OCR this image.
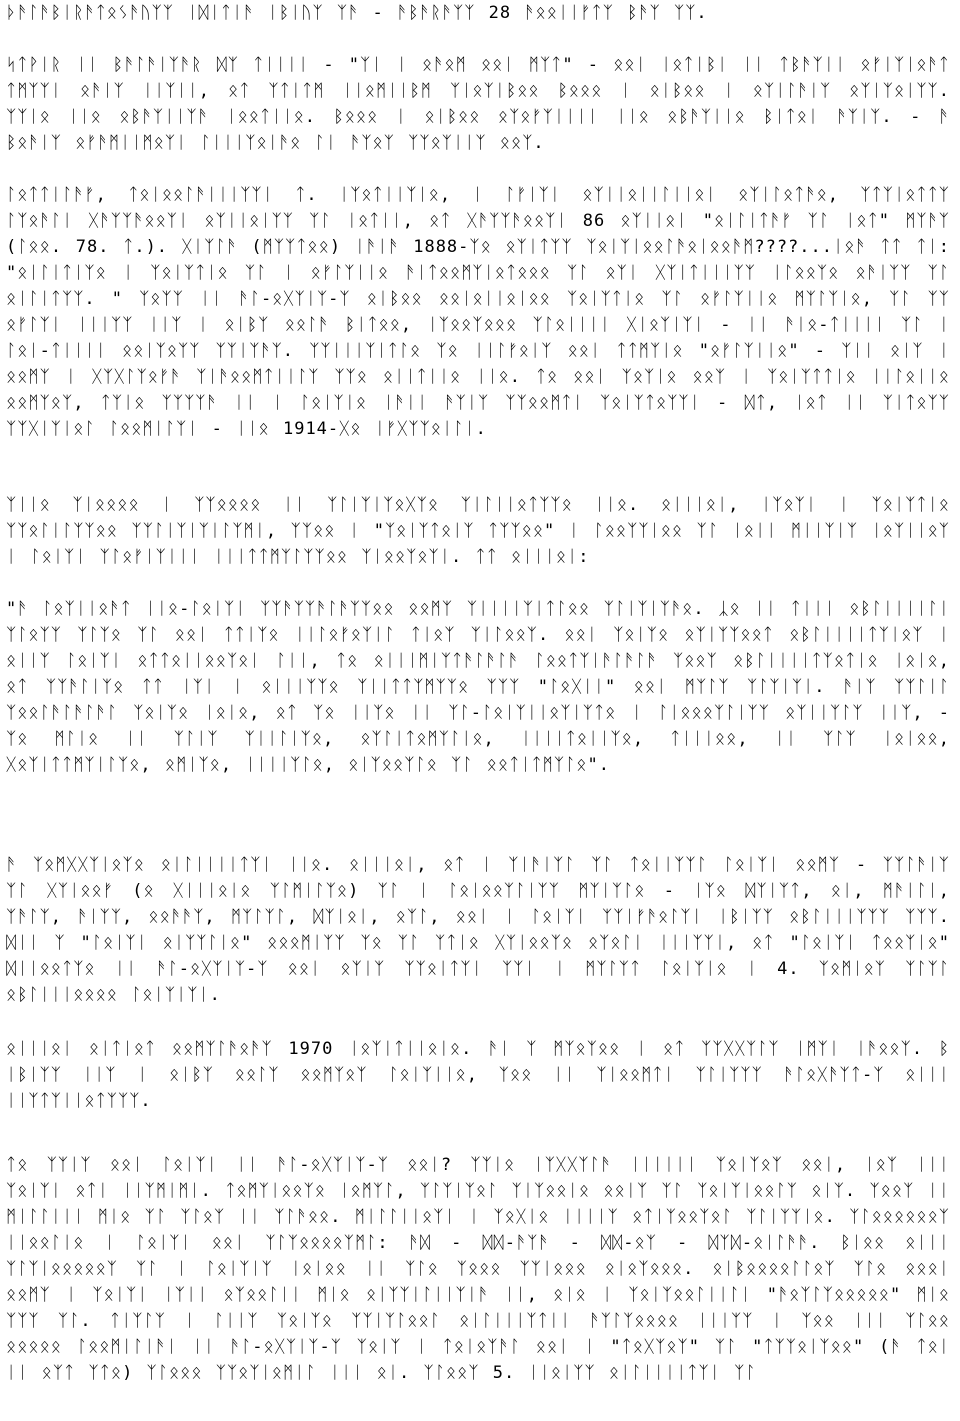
ᚦᚫᛚᚫᛒᛁᚱᚫᛏᛟᛊᚫᚢᛉᛉ ᛁᛞᛁᛏᛁᚫ ᛁᛒᛁᚢᛉ ᛉᚫ - ᚫᛒᚫᚱᚫᛉᛉ 28 ᚫᛟᛟᛁᛁᚠᛏᛉ ᛒᚫᛉ ᛉᛉ.

ᛋᛏᚹᛁᚱ ᛁᛁ ᛒᚫᛚᚫᛁᛉᚫᚱ ᛞᛉ ᛏᛁᛁᛁᛁ - "ᛉᛁ ᛁ ᛟᚫᛟᛗ ᛟᛟᛁ ᛗᛉᛏ" - ᛟᛟᛁ ᛁᛟᛏᛁᛒᛁ ᛁᛁ ᛏᛒᚫᛉᛁᛁ ᛟᚠᛁᛉᛁᛟᚫᛏ ᛏᛗᛉᛉᛁ ᛟᚫᛁᛉ ᛁᛁᛉᛁᛁ, ᛟᛏ ᛉᛏᛁᛏᛗ ᛁᛁᛟᛗᛁᛁᛒᛗ ᛉᛁᛟᛉᛁᛒᛟᛟ ᛒᛟᛟᛟ ᛁ ᛟᛁᛒᛟᛟ ᛁ ᛟᛉᛁᛚᚫᛁᛉ ᛟᛉᛁᛉᛟᛁᛉᛉ. ᛉᛉᛁᛟ ᛁᛁᛟ ᛟᛒᚫᛉᛁᛁᛉᚫ ᛁᛟᛟᛏᛁᛁᛟ. ᛒᛟᛟᛟ ᛁ ᛟᛁᛒᛟᛟ ᛟᛉᛟᚠᛉᛁᛁᛁᛁ ᛁᛁᛟ ᛟᛒᚫᛉᛁᛁᛟ ᛒᛁᛏᛟᛁ ᚫᛉᛁᛉ. - ᚫ ᛒᛟᚫᛁᛉ ᛟᚠᚫᛗᛁᛁᛗᛟᛉᛁ ᛚᛁᛁᛁᛉᛟᛁᚫᛟ ᛚᛁ ᚫᛉᛟᛉ ᛉᛉᛟᛉᛁᛁᛉ ᛟᛟᛉ.

ᛚᛟᛏᛏᛁᛚᚫᚠ, ᛏᛟᛁᛟᛟᛚᚫᛁᛁᛁᛉᛉᛁ ᛏ. ᛁᛉᛟᛏᛁᛁᛉᛁᛟ, ᛁ ᛚᚠᛁᛉᛁ ᛟᛉᛁᛁᛟᛁᛁᛚᛁᛁᛟᛁ ᛟᛉᛁᛚᛟᛏᚫᛟ, ᛉᛏᛉᛁᛟᛏᛏᛉ ᛚᛉᛟᚫᛚᛁ ᚷᚫᛉᛉᚫᛟᛟᛉᛁ ᛟᛉᛁᛁᛟᛁᛉᛉ ᛉᛚ ᛁᛟᛏᛁᛁ, ᛟᛏ ᚷᚫᛉᛉᚫᛟᛟᛉᛁ 86 ᛟᛉᛁᛁᛟᛁ "ᛟᛁᛚᛁᛏᚫᚠ ᛉᛚ ᛁᛟᛏ" ᛗᛉᚫᛉ (ᛚᛟᛟ. 78. ᛏ.). ᚷᛁᛉᛚᚫ (ᛗᛉᛉᛏᛟᛟ) ᛁᚫᛁᚫ 1888-ᛉᛟ ᛟᛉᛁᛏᛉᛉ ᛉᛟᛁᛉᛁᛟᛟᛚᚫᛟᛁᛟᛟᚫᛗ????...ᛁᛟᚫ ᛏᛏ ᛏᛁ: "ᛟᛁᛚᛁᛏᛁᛉᛟ ᛁ ᛉᛟᛁᛉᛏᛁᛟ ᛉᛚ ᛁ ᛟᚠᛚᛉᛁᛁᛟ ᚫᛁᛏᛟᛟᛗᛉᛁᛟᛏᛟᛟᛟ ᛉᛚ ᛟᛉᛁ ᚷᛉᛁᛏᛁᛁᛁᛉᛉ ᛁᛚᛟᛟᛉᛟ ᛟᚫᛁᛉᛉ ᛉᛚ ᛟᛁᛚᛁᛏᛉᛉ. " ᛉᛟᛉᛉ ᛁᛁ ᚫᛚ-ᛟᚷᛉᛁᛉ-ᛉ ᛟᛁᛒᛟᛟ ᛟᛟᛁᛟᛁᛁᛟᛁᛟᛟ ᛉᛟᛁᛉᛏᛁᛟ ᛉᛚ ᛟᚠᛚᛉᛁᛁᛟ ᛗᛉᛚᛉᛁᛟ, ᛉᛚ ᛉᛉ ᛟᚠᛚᛉᛁ ᛁᛁᛁᛉᛉ ᛁᛁᛉ ᛁ ᛟᛁᛒᛉ ᛟᛟᛚᚫ ᛒᛁᛏᛟᛟ, ᛁᛉᛟᛟᛉᛟᛟᛟ ᛉᛚᛟᛁᛁᛁᛁ ᚷᛁᛟᛉᛁᛉᛁ - ᛁᛁ ᚫᛁᛟ-ᛏᛁᛁᛁᛁ ᛉᛚ ᛁ ᛚᛟᛁ-ᛏᛁᛁᛁᛁ ᛟᛟᛁᛉᛟᛉᛉ ᛉᛉᛁᛉᚫᛉ. ᛉᛉᛁᛁᛁᛉᛁᛏᛚᛟ ᛉᛟ ᛁᛁᛚᚠᛟᛁᛉ ᛟᛟᛁ ᛏᛏᛗᛉᛁᛟ "ᛟᚠᛚᛉᛁᛁᛟ" - ᛉᛁᛁ ᛟᛁᛉ ᛁ ᛟᛟᛗᛉ ᛁ ᚷᛉᚷᛚᛉᛟᚠᚫ ᛉᛁᚫᛟᛟᛗᛏᛁᛁᛚᛉ ᛉᛉᛟ ᛟᛁᛁᛏᛁᛁᛟ ᛁᛁᛟ. ᛏᛟ ᛟᛟᛁ ᛉᛟᛉᛁᛟ ᛟᛟᛉ ᛁ ᛉᛟᛁᛉᛏᛏᛁᛟ ᛁᛁᛚᛟᛁᛁᛟ ᛟᛟᛗᛉᛟᛉ, ᛏᛉᛁᛟ ᛉᛉᛉᛉᚫ ᛁᛁ ᛁ ᛚᛟᛁᛉᛁᛟ ᛁᚫᛁᛁ ᚫᛉᛁᛉ ᛉᛉᛟᛟᛗᛏᛁ ᛉᛟᛁᛉᛏᛟᛉᛉᛁ - ᛞᛏ, ᛁᛟᛏ ᛁᛁ ᛉᛁᛏᛟᛉᛉ ᛉᛉᚷᛁᛉᛁᛟᛚ ᛚᛟᛟᛗᛁᛚᛉᛁ - ᛁᛁᛟ 1914-ᚷᛟ ᛁᚠᚷᛉᛉᛟᛁᛚᛁ.

ᛉᛁᛁᛟ ᛉᛁᛟᛟᛟᛟ ᛁ ᛉᛉᛟᛟᛟᛟ ᛁᛁ ᛉᛚᛁᛉᛁᛉᛟᚷᛉᛟ ᛉᛁᛚᛁᛁᛟᛏᛉᛉᛟ ᛁᛁᛟ. ᛟᛁᛁᛁᛟᛁ, ᛁᛉᛟᛉᛁ ᛁ ᛉᛟᛁᛉᛏᛁᛟ ᛉᛉᛟᛚᛁᛚᛉᛉᛟᛟ ᛉᛉᛚᛁᛉᛁᛉᛁᛚᛉᛗᛁ, ᛉᛉᛟᛟ ᛁ "ᛉᛟᛁᛉᛏᛟᛁᛉ ᛏᛉᛉᛟᛟ" ᛁ ᛚᛟᛟᛉᛉᛁᛟᛟ ᛉᛚ ᛁᛟᛁᛁ ᛗᛁᛁᛉᛁᛉ ᛁᛟᛉᛁᛁᛟᛉ ᛁ ᛚᛟᛁᛉᛁ ᛉᛚᛟᚠᛁᛉᛁᛁᛁ ᛁᛁᛁᛏᛏᛗᛉᛚᛉᛉᛟᛟ ᛉᛁᛟᛟᛉᛟᛉᛁ. ᛏᛏ ᛟᛁᛁᛁᛟᛁ:

"ᚫ ᛚᛟᛉᛁᛁᛟᚫᛏ ᛁᛁᛟ-ᛚᛟᛁᛉᛁ ᛉᛉᚫᛉᛉᚫᛚᚫᛉᛉᛟᛟ ᛟᛟᛗᛉ ᛉᛁᛁᛁᛁᛉᛁᛏᛚᛟᛟ ᛉᛚᛁᛉᛁᛉᚫᛟ. ᛣᛟ ᛁᛁ ᛏᛁᛁᛁ ᛟᛒᛚᛁᛁᛁᛁᛚᛁ ᛉᛚᛟᛉᛉ ᛉᛚᛉᛟ ᛉᛚ ᛟᛟᛁ ᛏᛏᛁᛉᛟ ᛁᛁᛚᛟᚠᛟᛉᛁᛚ ᛏᛁᛟᛉ ᛉᛁᛚᛟᛟᛉ. ᛟᛟᛁ ᛉᛟᛁᛉᛟ ᛟᛉᛁᛉᛉᛟᛟᛏ ᛟᛒᛚᛁᛁᛁᛁᛏᛉᛁᛟᛉ ᛁ ᛟᛁᛁᛉ ᛚᛟᛁᛉᛁ ᛟᛏᛏᛟᛁᛁᛟᛟᛉᛟᛁ ᛚᛁᛁ, ᛏᛟ ᛟᛁᛁᛁᛗᛁᛉᛏᚫᛚᚫᛚᚫ ᛚᛟᛟᛏᛉᛁᚫᛚᚫᛚᚫ ᛉᛟᛟᛉ ᛟᛒᛚᛁᛁᛁᛁᛏᛉᛟᛏᛁᛟ ᛁᛟᛁᛟ, ᛟᛏ ᛉᛉᚫᛚᛁᛉᛟ ᛏᛏ ᛁᛉᛁ ᛁ ᛟᛁᛁᛁᛉᛉᛟ ᛉᛁᛁᛏᛏᛉᛗᛉᛉᛟ ᛉᛉᛉ "ᛚᛟᚷᛁᛁ" ᛟᛟᛁ ᛗᛉᛚᛉ ᛉᛚᛉᛁᛉᛁ. ᚫᛁᛉ ᛉᛉᛚᛁᛚ ᛉᛟᛟᛚᚫᛚᚫᛚᚫᛚ ᛉᛟᛁᛉᛟ ᛁᛟᛁᛟ, ᛟᛏ ᛉᛟ ᛁᛁᛉᛟ ᛁᛁ ᛉᛚ-ᛚᛟᛁᛉᛁᛁᛟᛉᛁᛉᛏᛟ ᛁ ᛚᛁᛟᛟᛟᛉᛚᛁᛉᛉ ᛟᛉᛁᛁᛉᛚᛉ ᛁᛁᛉ, - ᛉᛟ ᛗᛚᛁᛟ ᛁᛁ ᛉᛚᛁᛉ ᛉᛁᛁᛚᛁᛉᛟ, ᛟᛉᛚᛁᛏᛟᛗᛉᛚᛁᛟ, ᛁᛁᛁᛁᛏᛟᛁᛁᛉᛟ, ᛏᛁᛁᛁᛟᛟ, ᛁᛁ ᛉᛚᛉ ᛁᛟᛁᛟᛟ, ᚷᛟᛉᛁᛏᛏᛗᛉᛁᛚᛉᛟ, ᛟᛗᛁᛉᛟ, ᛁᛁᛁᛁᛉᛚᛟ, ᛟᛁᛉᛟᛟᛉᛚᛟ ᛉᛚ ᛟᛟᛏᛁᛏᛗᛉᛚᛟ".

ᚫ ᛉᛟᛗᚷᚷᛉᛁᛟᛉᛟ ᛟᛁᛚᛁᛁᛁᛁᛏᛉᛁ ᛁᛁᛟ. ᛟᛁᛁᛁᛟᛁ, ᛟᛏ ᛁ ᛉᛁᚫᛁᛉᛚ ᛉᛚ ᛏᛟᛁᛁᛉᛉᛚ ᛚᛟᛁᛉᛁ ᛟᛟᛗᛉ - ᛉᛉᛚᚫᛁᛉ ᛉᛚ ᚷᛉᛁᛟᛟᚠ (ᛟ ᚷᛁᛁᛁᛟᛁᛟ ᛉᛚᛗᛁᛚᛉᛟ) ᛉᛚ ᛁ ᛚᛟᛁᛟᛟᛉᛚᛁᛉᛉ ᛗᛉᛁᛉᛚᛟ - ᛁᛉᛟ ᛞᛉᛁᛉᛏ, ᛟᛁ, ᛗᚫᛁᛚᛁ, ᛉᚫᛚᛉ, ᚫᛁᛉᛉ, ᛟᛟᚫᚫᛉ, ᛗᛉᛚᛉᛚ, ᛞᛉᛁᛟᛁ, ᛟᛉᛚ, ᛟᛟᛁ ᛁ ᛚᛟᛁᛉᛁ ᛉᛉᛁᚠᚫᛟᛚᛉᛁ ᛁᛒᛁᛉᛉ ᛟᛒᛚᛁᛁᛁᛉᛉᛉ ᛉᛉᛉ. ᛞᛁᛁ ᛉ "ᛚᛟᛁᛉᛁ ᛟᛁᛉᛉᛚᛁᛟ" ᛟᛟᛟᛗᛁᛉᛉ ᛉᛟ ᛉᛚ ᛉᛏᛁᛟ ᚷᛉᛁᛟᛟᛉᛟ ᛟᛉᛟᛚᛁ ᛁᛁᛁᛉᛉᛁ, ᛟᛏ "ᛚᛟᛁᛉᛁ ᛏᛟᛟᛉᛁᛟ" ᛞᛁᛁᛟᛟᛏᛉᛟ ᛁᛁ ᚫᛚ-ᛟᚷᛉᛁᛉ-ᛉ ᛟᛟᛁ ᛟᛉᛁᛉ ᛉᛉᛟᛁᛏᛉᛁ ᛉᛉᛁ ᛁ ᛗᛉᛚᛉᛏ ᛚᛟᛁᛉᛁᛟ ᛁ 4. ᛉᛟᛗᛁᛟᛉ ᛉᛚᛉᛚ ᛟᛒᛚᛁᛁᛁᛟᛟᛟᛟ ᛚᛟᛁᛉᛁᛉᛁ.

ᛟᛁᛁᛁᛟᛁ ᛟᛁᛏᛁᛟᛏ ᛟᛟᛗᛉᛚᚫᛟᚫᛉ 1970 ᛁᛟᛉᛁᛏᛁᛁᛟᛁᛟ. ᚫᛁ ᛉ ᛗᛉᛟᛉᛟᛟ ᛁ ᛟᛏ ᛉᛉᚷᚷᛉᛚᛉ ᛁᛗᛉᛁ ᛁᚫᛟᛟᛉ. ᛒ ᛁᛒᛁᛉᛉ ᛁᛁᛉ ᛁ ᛟᛁᛒᛉ ᛟᛟᛚᛉ ᛟᛟᛗᛉᛟᛉ ᛚᛟᛁᛉᛁᛁᛟ, ᛉᛟᛟ ᛁᛁ ᛉᛁᛟᛟᛗᛏᛁ ᛉᛚᛁᛉᛉᛉ ᚫᛚᛟᚷᚫᛉᛏ-ᛉ ᛟᛁᛁᛁ ᛁᛁᛉᛏᛉᛁᛁᛟᛏᛉᛉᛉ.

ᛏᛟ ᛉᛉᛁᛉ ᛟᛟᛁ ᛚᛟᛁᛉᛁ ᛁᛁ ᚫᛚ-ᛟᚷᛉᛁᛉ-ᛉ ᛟᛟᛁ? ᛉᛉᛁᛟ ᛁᛉᚷᚷᛉᛚᚫ ᛁᛁᛁᛁᛁᛁ ᛉᛟᛁᛉᛟᛉ ᛟᛟᛁ, ᛁᛟᛉ ᛁᛁᛁ ᛉᛟᛁᛉᛁ ᛟᛏᛁ ᛁᛁᛉᛗᛁᛗᛁ. ᛏᛟᛗᛉᛁᛟᛟᛉᛟ ᛁᛟᛗᛉᛚ, ᛉᛚᛉᛁᛉᛟᛚ ᛉᛁᛉᛟᛟᛁᛟ ᛟᛟᛁᛉ ᛉᛚ ᛉᛟᛁᛉᛁᛟᛟᛚᛉ ᛟᛁᛉ. ᛉᛟᛟᛉ ᛁᛁ ᛗᛁᛚᛚᛁᛁᛁ ᛗᛁᛟ ᛉᛚ ᛉᛚᛟᛉ ᛁᛁ ᛉᛚᚫᛟᛟ. ᛗᛁᛚᛚᛁᛁᛟᛉᛁ ᛁ ᛉᛟᚷᛁᛟ ᛁᛁᛁᛁᛉ ᛟᛏᛁᛉᛟᛟᛉᛟᛚ ᛉᛚᛁᛉᛉᛁᛟ. ᛉᛚᛟᛟᛟᛟᛟᛟᛉ ᛁᛁᛟᛟᛚᛁᛟ ᛁ ᛚᛟᛁᛉᛁ ᛟᛟᛁ ᛉᛚᛉᛟᛟᛟᛟᛉᛗᛚ: ᚫᛞ - ᛞᛞ-ᚫᛉᚫ - ᛞᛞ-ᛟᛉ - ᛞᛉᛞ-ᛟᛁᛚᚫᚫ. ᛒᛁᛟᛟ ᛟᛁᛁᛁ ᛉᛚᛉᛁᛟᛟᛟᛟᛟᛉ ᛉᛚ ᛁ ᛚᛟᛁᛉᛁᛉ ᛁᛟᛁᛟᛟ ᛁᛁ ᛉᛚᛟ ᛉᛟᛟᛟ ᛉᛉᛁᛟᛟᛟ ᛟᛁᛟᛉᛟᛟᛟ. ᛟᛁᛒᛟᛟᛟᛟᛚᛚᛟᛉ ᛉᛚᛟ ᛟᛟᛟᛁ ᛟᛟᛗᛉ ᛁ ᛉᛟᛁᛉᛁ ᛁᛉᛁᛁ ᛟᛉᛟᛟᛚᛁᛁ ᛗᛁᛟ ᛟᛁᛉᛉᛁᛚᛁᛁᛉᛁᚫ ᛁᛁ, ᛟᛁᛟ ᛁ ᛉᛟᛁᛉᛟᛟᛚᛁᛁᛚᛁ "ᚫᛟᛉᛚᛉᛟᛟᛟᛟᛟ" ᛗᛁᛟ ᛉᛉᛉ ᛉᛚ. ᛏᛁᛉᛚᛉ ᛁ ᛚᛁᛁᛉ ᛉᛟᛁᛉᛟ ᛉᛉᛁᛉᛚᛟᛟᛚ ᛟᛁᛚᛁᛁᛁᛉᛏᛁᛁ ᚫᛉᛚᛉᛟᛟᛟᛟ ᛁᛁᛁᛉᛉ ᛁ ᛉᛟᛟ ᛁᛁᛁ ᛉᛚᛟᛟ ᛟᛟᛟᛟᛟ ᛚᛟᛟᛗᛁᛚᛁᚫᛁ ᛁᛁ ᚫᛚ-ᛟᚷᛉᛁᛉ-ᛉ ᛉᛟᛁᛉ ᛁ ᛏᛟᛁᛟᛉᚫᛚ ᛟᛟᛁ ᛁ "ᛏᛟᚷᛉᛟᛉ" ᛉᛚ "ᛏᛉᛉᛟᛁᛉᛟᛟ" (ᚫ ᛏᛟᛁ ᛁᛁ ᛟᛉᛏ ᛉᛏᛟ) ᛉᛚᛟᛟᛟ ᛉᛉᛟᛉᛁᛟᛗᛁᛚ ᛁᛁᛁ ᛟᛁ. ᛉᛚᛟᛟᛉ 5. ᛁᛁᛟᛁᛉᛉ ᛟᛁᛚᛁᛁᛁᛁᛏᛉᛁ ᛉᛚ
